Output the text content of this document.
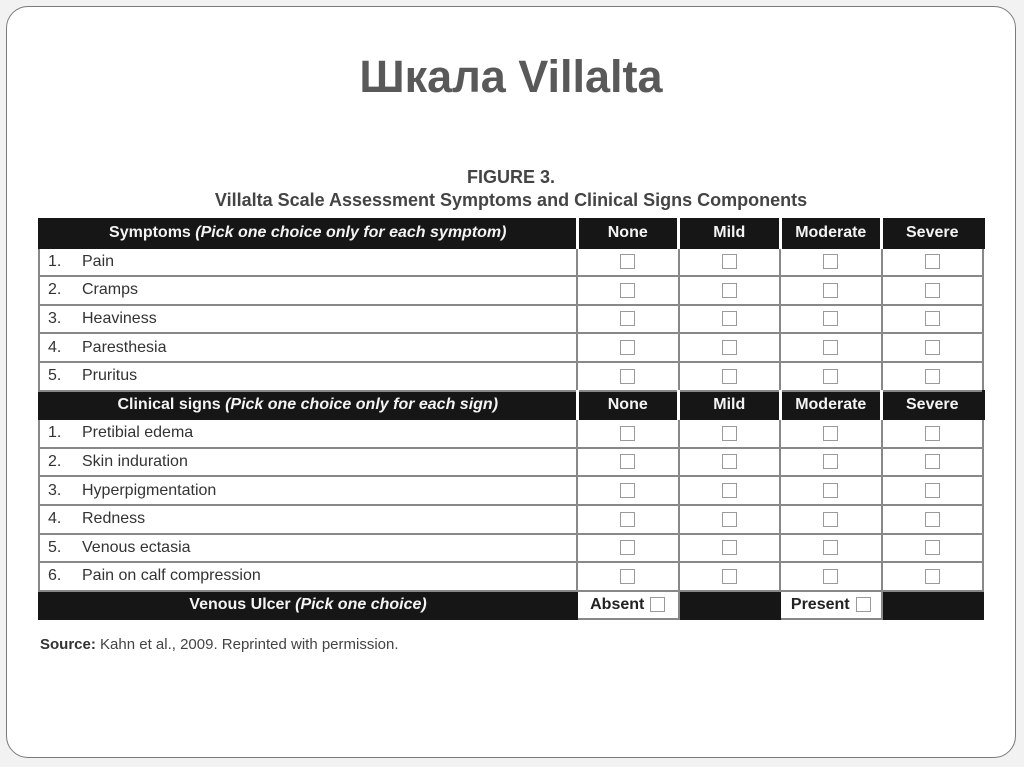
Шкала Villalta
FIGURE 3.
Villalta Scale Assessment Symptoms and Clinical Signs Components
Symptoms (Pick one choice only for each symptom)	None	Mild	Moderate	Severe
1. Pain				
2. Cramps				
3. Heaviness				
4. Paresthesia				
5. Pruritus				
Clinical signs (Pick one choice only for each sign)	None	Mild	Moderate	Severe
1. Pretibial edema				
2. Skin induration				
3. Hyperpigmentation				
4. Redness				
5. Venous ectasia				
6. Pain on calf compression				
Venous Ulcer (Pick one choice)	Absent		Present	
Source: Kahn et al., 2009. Reprinted with permission.
